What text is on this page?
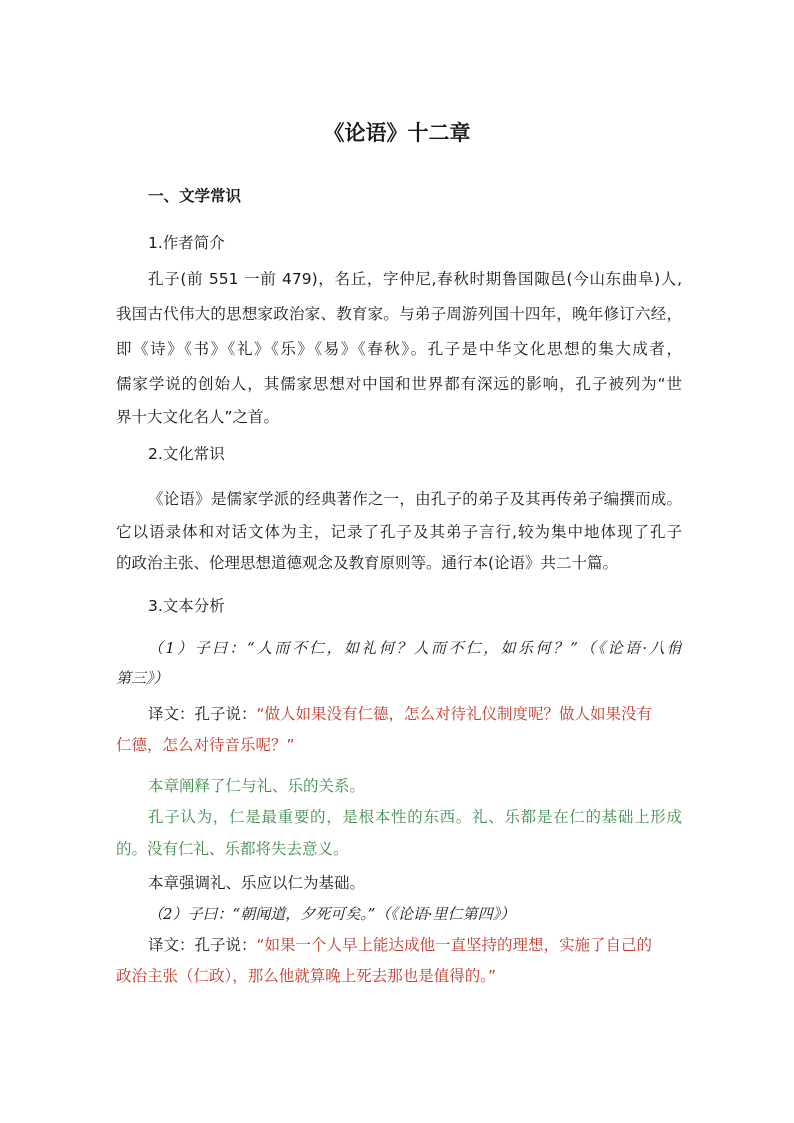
《论语》十二章
一、文学常识
1.作者简介
孔子(前 551 一前 479)，名丘，字仲尼,春秋时期鲁国陬邑(今山东曲阜)人,
我国古代伟大的思想家政治家、教育家。与弟子周游列国十四年，晚年修订六经，
即《诗》《书》《礼》《乐》《易》《春秋》。孔子是中华文化思想的集大成者，
儒家学说的创始人，其儒家思想对中国和世界都有深远的影响，孔子被列为“世
界十大文化名人”之首。
2.文化常识
《论语》是儒家学派的经典著作之一，由孔子的弟子及其再传弟子编撰而成。
它以语录体和对话文体为主，记录了孔子及其弟子言行,较为集中地体现了孔子
的政治主张、伦理思想道德观念及教育原则等。通行本(论语》共二十篇。
3.文本分析
（1）子曰：“人而不仁，如礼何？人而不仁，如乐何？”（《论语·八佾
第三》）
译文：孔子说：“做人如果没有仁德，怎么对待礼仪制度呢？做人如果没有
仁德，怎么对待音乐呢？”
本章阐释了仁与礼、乐的关系。
孔子认为，仁是最重要的，是根本性的东西。礼、乐都是在仁的基础上形成
的。没有仁礼、乐都将失去意义。
本章强调礼、乐应以仁为基础。
（2）子曰：“朝闻道，夕死可矣。”（《论语·里仁第四》）
译文：孔子说：“如果一个人早上能达成他一直坚持的理想，实施了自己的
政治主张（仁政），那么他就算晚上死去那也是值得的。”
